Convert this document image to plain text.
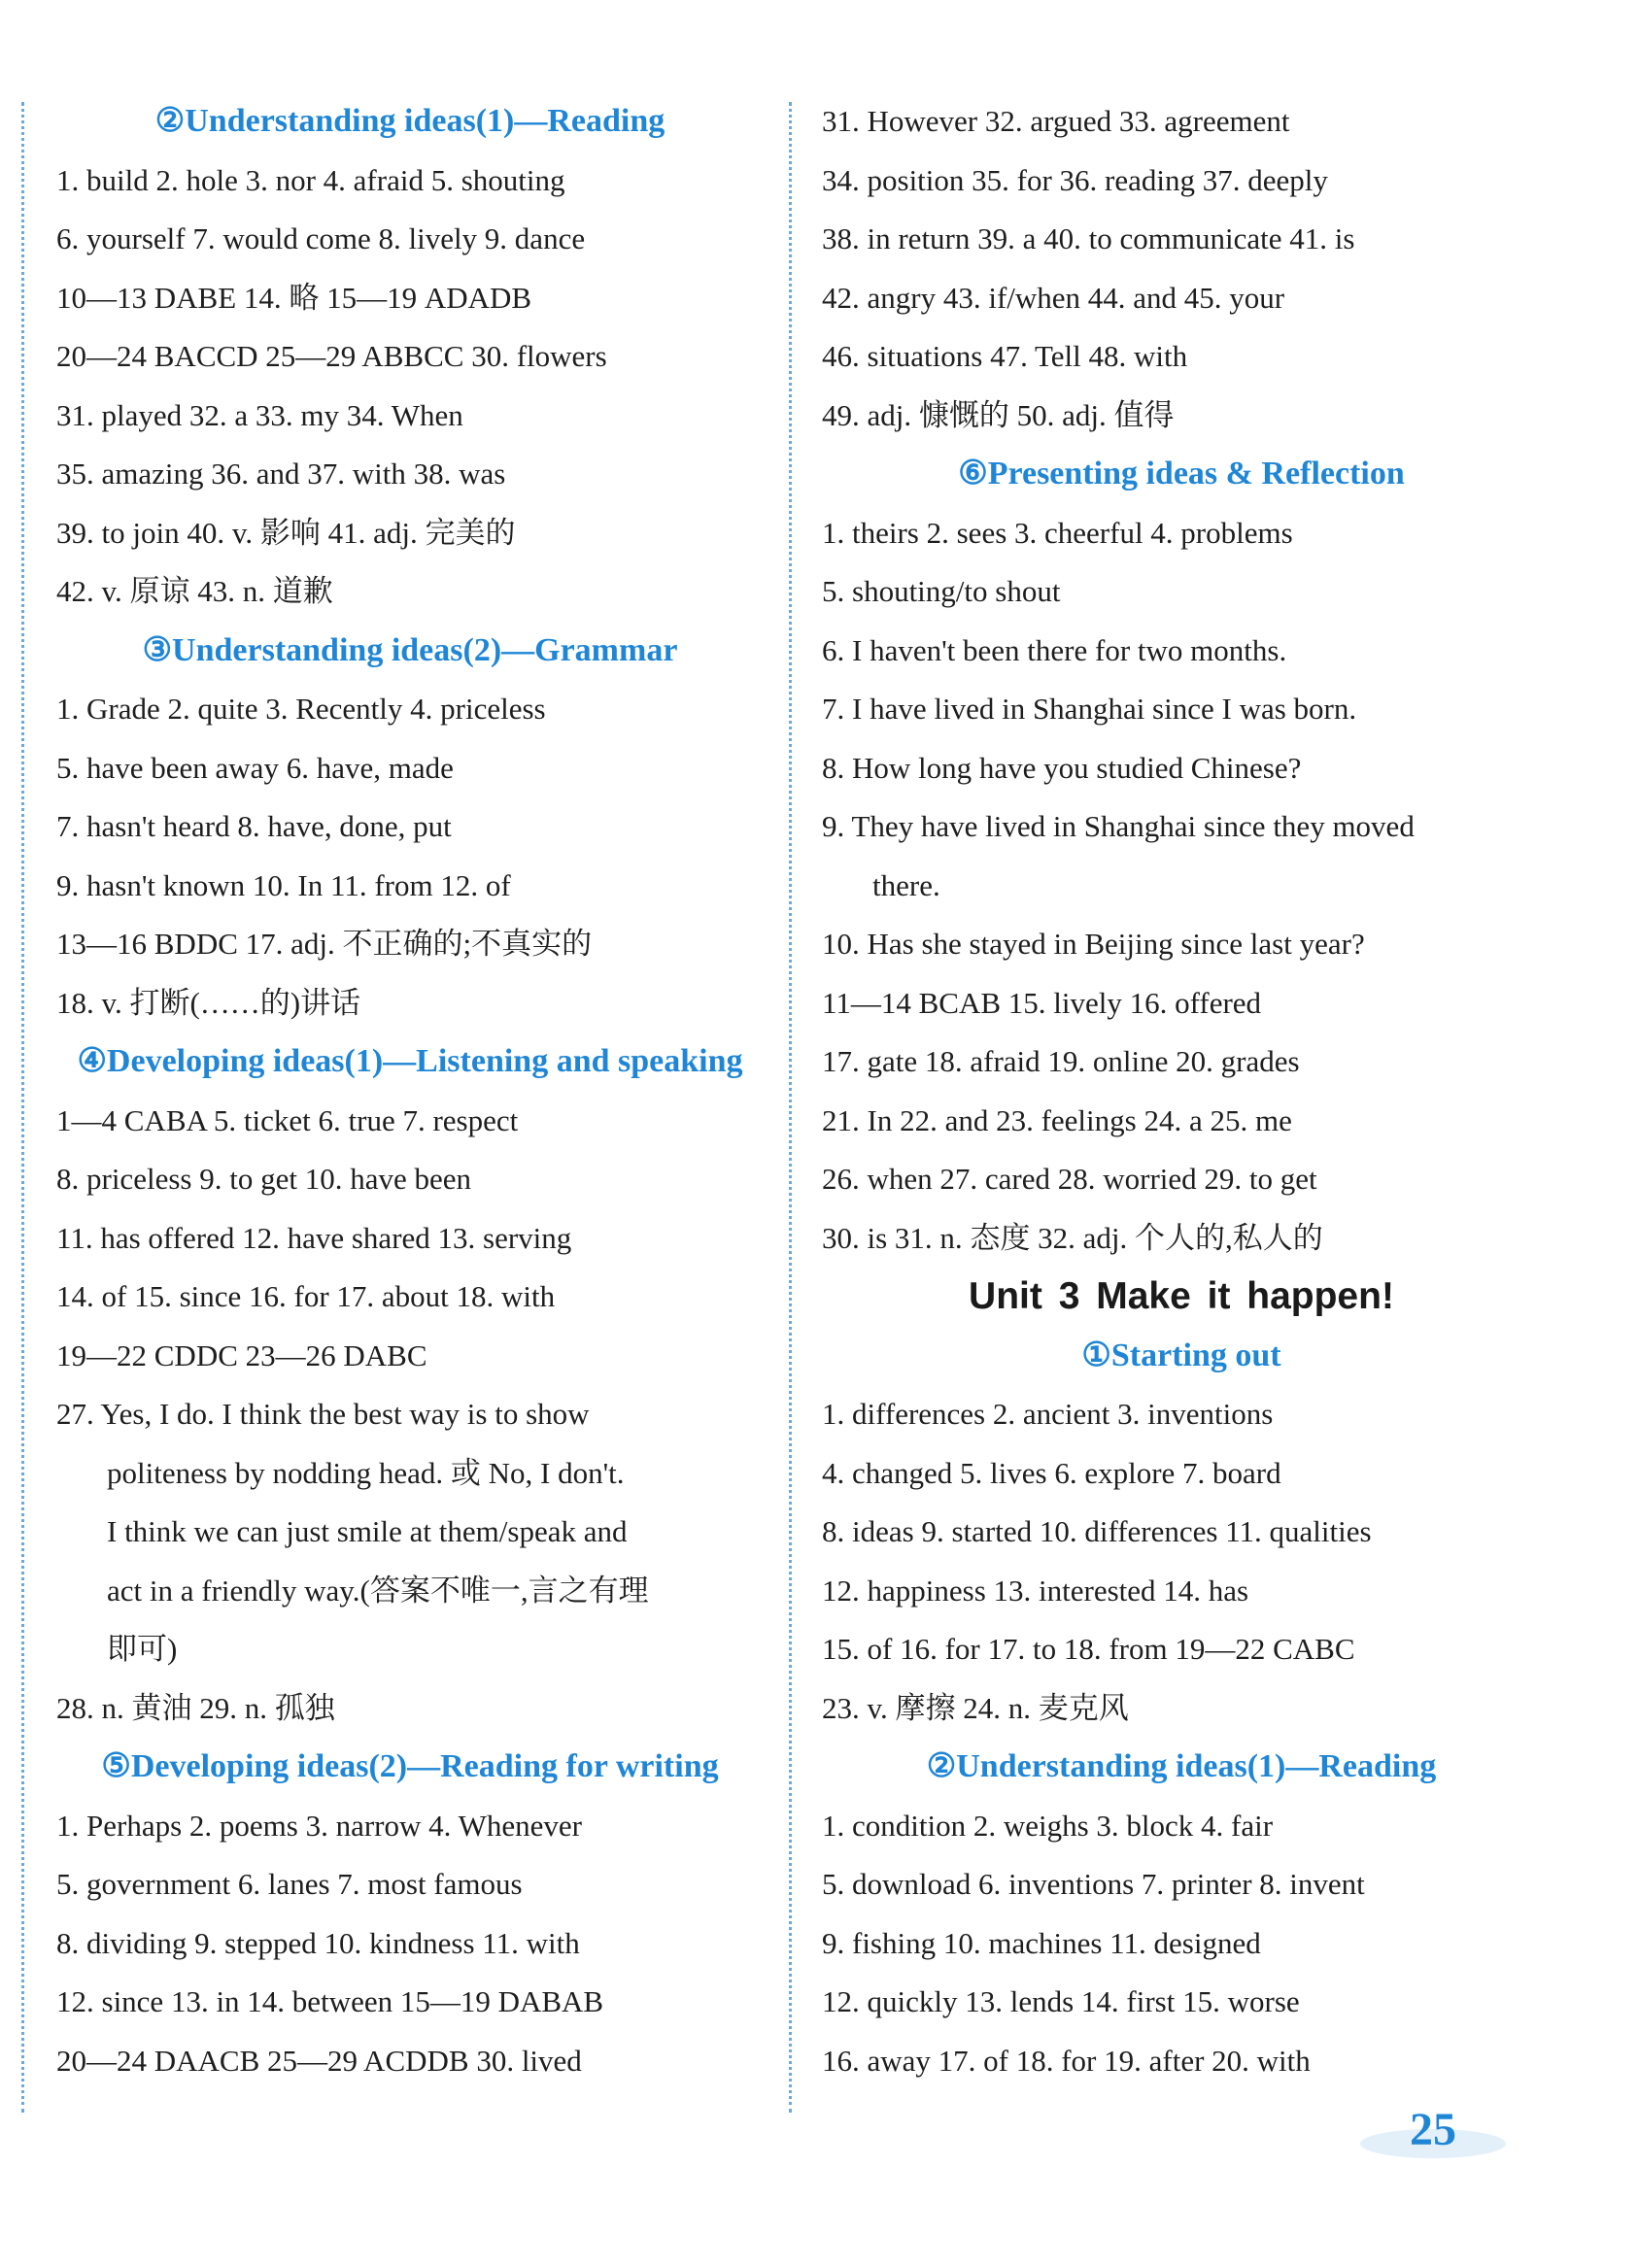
②Understanding ideas(1)—Reading
1. build 2. hole 3. nor 4. afraid 5. shouting
6. yourself 7. would come 8. lively 9. dance
10—13 DABE 14. 略 15—19 ADADB
20—24 BACCD 25—29 ABBCC 30. flowers
31. played 32. a 33. my 34. When
35. amazing 36. and 37. with 38. was
39. to join 40. v. 影响 41. adj. 完美的
42. v. 原谅 43. n. 道歉
③Understanding ideas(2)—Grammar
1. Grade 2. quite 3. Recently 4. priceless
5. have been away 6. have, made
7. hasn't heard 8. have, done, put
9. hasn't known 10. In 11. from 12. of
13—16 BDDC 17. adj. 不正确的;不真实的
18. v. 打断(……的)讲话
④Developing ideas(1)—Listening and speaking
1—4 CABA 5. ticket 6. true 7. respect
8. priceless 9. to get 10. have been
11. has offered 12. have shared 13. serving
14. of 15. since 16. for 17. about 18. with
19—22 CDDC 23—26 DABC
27. Yes, I do. I think the best way is to show
politeness by nodding head. 或 No, I don't.
I think we can just smile at them/speak and
act in a friendly way.(答案不唯一,言之有理
即可)
28. n. 黄油 29. n. 孤独
⑤Developing ideas(2)—Reading for writing
1. Perhaps 2. poems 3. narrow 4. Whenever
5. government 6. lanes 7. most famous
8. dividing 9. stepped 10. kindness 11. with
12. since 13. in 14. between 15—19 DABAB
20—24 DAACB 25—29 ACDDB 30. lived
31. However 32. argued 33. agreement
34. position 35. for 36. reading 37. deeply
38. in return 39. a 40. to communicate 41. is
42. angry 43. if/when 44. and 45. your
46. situations 47. Tell 48. with
49. adj. 慷慨的 50. adj. 值得
⑥Presenting ideas & Reflection
1. theirs 2. sees 3. cheerful 4. problems
5. shouting/to shout
6. I haven't been there for two months.
7. I have lived in Shanghai since I was born.
8. How long have you studied Chinese?
9. They have lived in Shanghai since they moved
there.
10. Has she stayed in Beijing since last year?
11—14 BCAB 15. lively 16. offered
17. gate 18. afraid 19. online 20. grades
21. In 22. and 23. feelings 24. a 25. me
26. when 27. cared 28. worried 29. to get
30. is 31. n. 态度 32. adj. 个人的,私人的
Unit 3 Make it happen!
①Starting out
1. differences 2. ancient 3. inventions
4. changed 5. lives 6. explore 7. board
8. ideas 9. started 10. differences 11. qualities
12. happiness 13. interested 14. has
15. of 16. for 17. to 18. from 19—22 CABC
23. v. 摩擦 24. n. 麦克风
②Understanding ideas(1)—Reading
1. condition 2. weighs 3. block 4. fair
5. download 6. inventions 7. printer 8. invent
9. fishing 10. machines 11. designed
12. quickly 13. lends 14. first 15. worse
16. away 17. of 18. for 19. after 20. with
25
